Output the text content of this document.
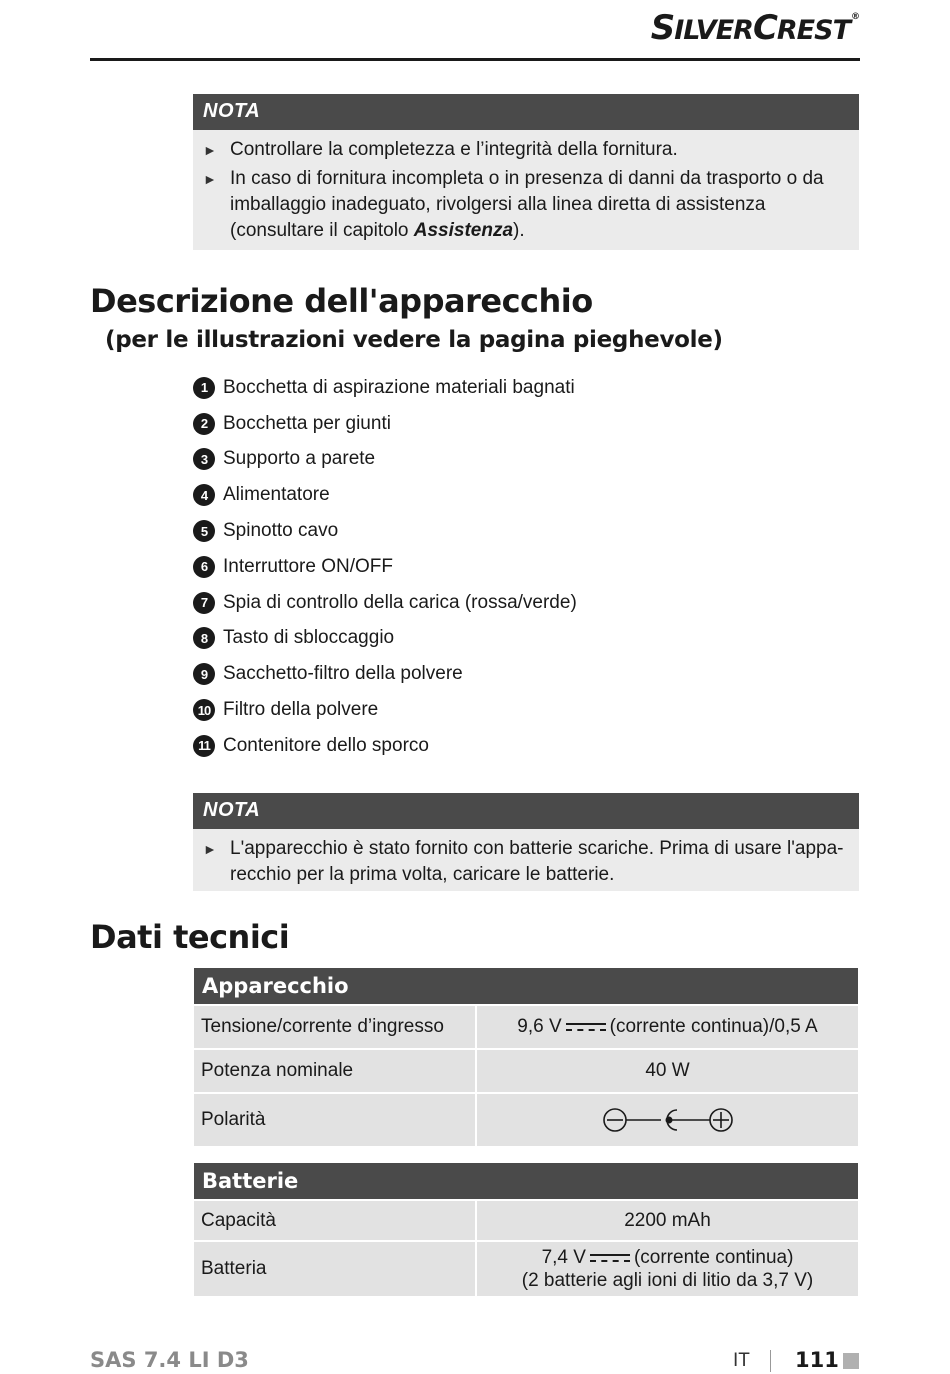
SILVERCREST®
NOTA
► Controllare la completezza e l’integrità della fornitura.
► In caso di fornitura incompleta o in presenza di danni da trasporto o da imballaggio inadeguato, rivolgersi alla linea diretta di assistenza (consultare il capitolo Assistenza).
Descrizione dell'apparecchio
(per le illustrazioni vedere la pagina pieghevole)
1 Bocchetta di aspirazione materiali bagnati
2 Bocchetta per giunti
3 Supporto a parete
4 Alimentatore
5 Spinotto cavo
6 Interruttore ON/OFF
7 Spia di controllo della carica (rossa/verde)
8 Tasto di sbloccaggio
9 Sacchetto-filtro della polvere
10 Filtro della polvere
11 Contenitore dello sporco
NOTA
► L'apparecchio è stato fornito con batterie scariche. Prima di usare l'appa-recchio per la prima volta, caricare le batterie.
Dati tecnici
Apparecchio	
Tensione/corrente d’ingresso	9,6 V (corrente continua)/0,5 A
Potenza nominale	40 W
Polarità	
Batterie	
Capacità	2200 mAh
Batteria	7,4 V (corrente continua)
(2 batterie agli ioni di litio da 3,7 V)
SAS 7.4 LI D3	IT 111
